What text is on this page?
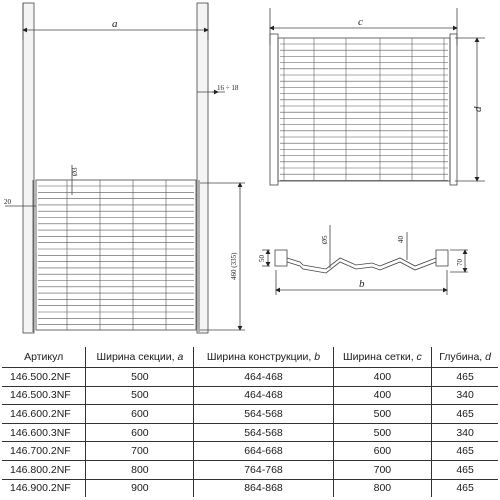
a	c
d
b
16 ÷ 18
Ø3
20
460 (335)
Ø5
50
40
70
Артикул	Ширина секции, a	Ширина конструкции, b	Ширина сетки, c	Глубина, d
146.500.2NF	500	464-468	400	465
146.500.3NF	500	464-468	400	340
146.600.2NF	600	564-568	500	465
146.600.3NF	600	564-568	500	340
146.700.2NF	700	664-668	600	465
146.800.2NF	800	764-768	700	465
146.900.2NF	900	864-868	800	465
